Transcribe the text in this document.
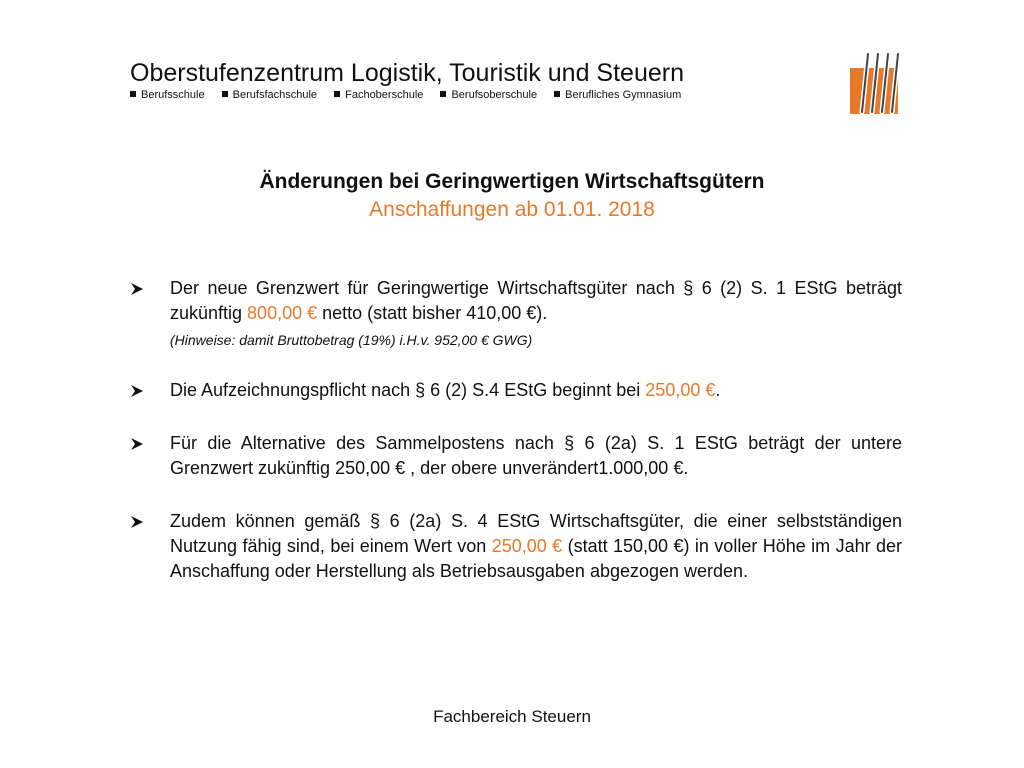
Oberstufenzentrum Logistik, Touristik und Steuern
Berufsschule	Berufsfachschule	Fachoberschule	Berufsoberschule	Berufliches Gymnasium
Änderungen bei Geringwertigen Wirtschaftsgütern
Anschaffungen ab 01.01. 2018
Der neue Grenzwert für Geringwertige Wirtschaftsgüter nach § 6 (2) S. 1 EStG beträgt zukünftig 800,00 € netto (statt bisher 410,00 €).
(Hinweise: damit Bruttobetrag (19%) i.H.v. 952,00 € GWG)
Die Aufzeichnungspflicht nach § 6 (2) S.4 EStG beginnt bei 250,00 €.
Für die Alternative des Sammelpostens nach § 6 (2a) S. 1 EStG beträgt der untere Grenzwert zukünftig 250,00 € , der obere unverändert1.000,00 €.
Zudem können gemäß § 6 (2a) S. 4 EStG Wirtschaftsgüter, die einer selbstständigen Nutzung fähig sind, bei einem Wert von 250,00 € (statt 150,00 €) in voller Höhe im Jahr der Anschaffung oder Herstellung als Betriebsausgaben abgezogen werden.
Fachbereich Steuern
